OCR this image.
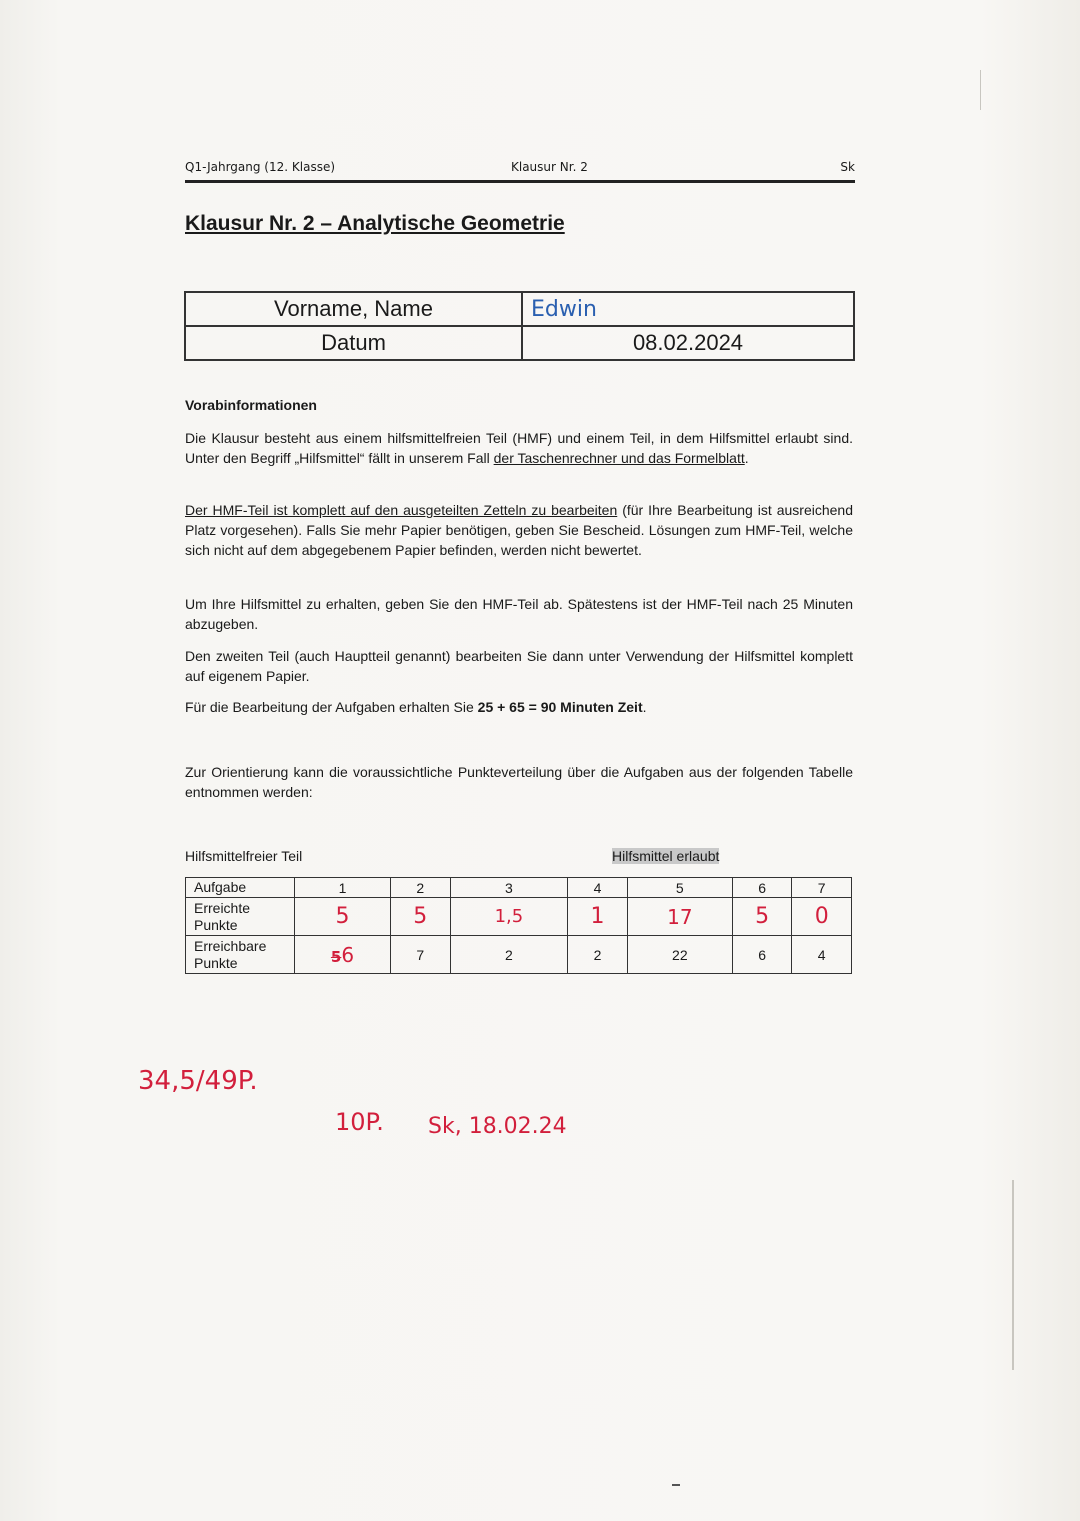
Q1-Jahrgang (12. Klasse)	Klausur Nr. 2	Sk
Klausur Nr. 2 – Analytische Geometrie
Vorname, Name	Edwin
Datum	08.02.2024
Vorabinformationen
Die Klausur besteht aus einem hilfsmittelfreien Teil (HMF) und einem Teil, in dem Hilfsmittel erlaubt sind. Unter den Begriff „Hilfsmittel“ fällt in unserem Fall der Taschenrechner und das Formelblatt.
Der HMF-Teil ist komplett auf den ausgeteilten Zetteln zu bearbeiten (für Ihre Bearbeitung ist ausreichend Platz vorgesehen). Falls Sie mehr Papier benötigen, geben Sie Bescheid. Lösungen zum HMF-Teil, welche sich nicht auf dem abgegebenem Papier befinden, werden nicht bewertet.
Um Ihre Hilfsmittel zu erhalten, geben Sie den HMF-Teil ab. Spätestens ist der HMF-Teil nach 25 Minuten abzugeben.
Den zweiten Teil (auch Hauptteil genannt) bearbeiten Sie dann unter Verwendung der Hilfsmittel komplett auf eigenem Papier.
Für die Bearbeitung der Aufgaben erhalten Sie 25 + 65 = 90 Minuten Zeit.
Zur Orientierung kann die voraussichtliche Punkteverteilung über die Aufgaben aus der folgenden Tabelle entnommen werden:
Hilfsmittelfreier Teil	Hilfsmittel erlaubt
Aufgabe	1	2	3	4	5	6	7

Erreichte
Punkte	5	5	1,5	1	17	5	0

Erreichbare
Punkte	56	7	2	2	22	6	4
34,5/49P.
10P. Sk, 18.02.24
